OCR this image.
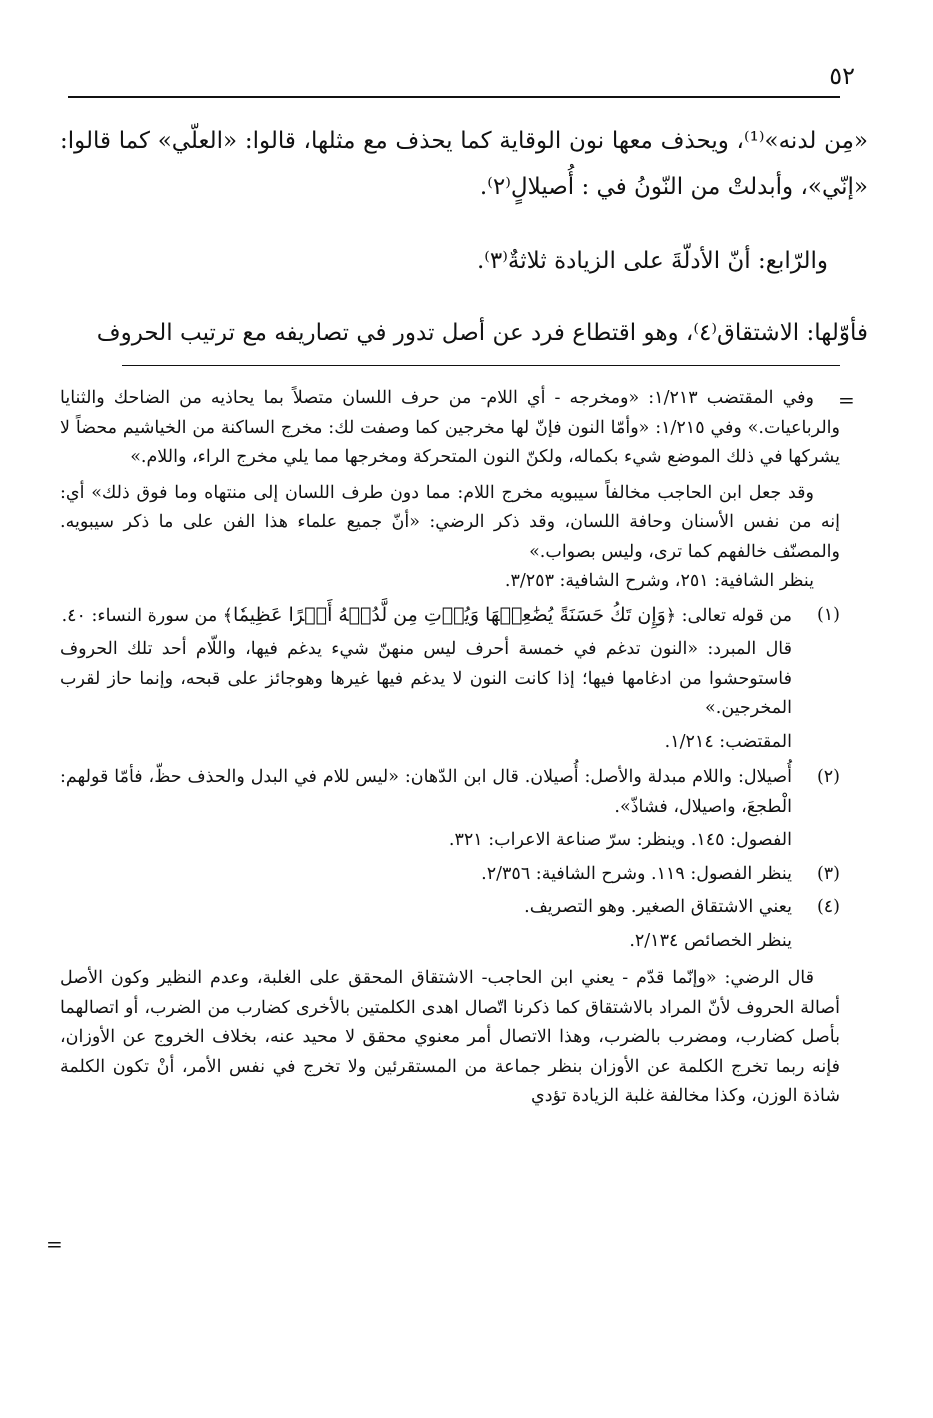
٥٢

«مِن لدنه»⁽¹⁾، ويحذف معها نون الوقاية كما يحذف مع مثلها، قالوا: «العلّي» كما قالوا: «إنّي»، وأبدلتْ من النّونُ في : أُصيلالٍ⁽٢⁾.

والرّابع: أنّ الأدلّةَ على الزيادة ثلاثةٌ⁽٣⁾.

فأوّلها: الاشتقاق⁽٤⁾، وهو اقتطاع فرد عن أصل تدور في تصاريفه مع ترتيب الحروف

=

وفي المقتضب ١/٢١٣: «ومخرجه - أي اللام- من حرف اللسان متصلاً بما يحاذيه من الضاحك والثنايا والرباعيات.» وفي ١/٢١٥: «وأمّا النون فإنّ لها مخرجين كما وصفت لك: مخرج الساكنة من الخياشيم محضاً لا يشركها في ذلك الموضع شيء بكماله، ولكنّ النون المتحركة ومخرجها مما يلي مخرج الراء، واللام.»

وقد جعل ابن الحاجب مخالفاً سيبويه مخرج اللام: مما دون طرف اللسان إلى منتهاه وما فوق ذلك» أي: إنه من نفس الأسنان وحافة اللسان، وقد ذكر الرضي: «أنّ جميع علماء هذا الفن على ما ذكر سيبويه. والمصنّف خالفهم كما ترى، وليس بصواب.»

ينظر الشافية: ٢٥١، وشرح الشافية: ٣/٢٥٣.

(١)
من قوله تعالى: ﴿وَإِن تَكُ حَسَنَةً يُضَٰعِفۡهَا وَيُؤۡتِ مِن لَّدُنۡهُ أَجۡرًا عَظِيمٗا﴾ من سورة النساء: ٤٠.

قال المبرد: «النون تدغم في خمسة أحرف ليس منهنّ شيء يدغم فيها، واللّام أحد تلك الحروف فاستوحشوا من ادغامها فيها؛ إذا كانت النون لا يدغم فيها غيرها وهوجائز على قبحه، وإنما حاز لقرب المخرجين.»

المقتضب: ١/٢١٤.

(٢)
أُصيلال: واللام مبدلة والأصل: أُصيلان. قال ابن الدّهان: «ليس للام في البدل والحذف حظّ، فأمّا قولهم: الْطجعَ، واصيلال، فشاذّ».

الفصول: ١٤٥. وينظر: سرّ صناعة الاعراب: ٣٢١.

(٣)
ينظر الفصول: ١١٩. وشرح الشافية: ٢/٣٥٦.
(٤)
يعني الاشتقاق الصغير. وهو التصريف.

ينظر الخصائص ٢/١٣٤.

قال الرضي: «وإنّما قدّم - يعني ابن الحاجب- الاشتقاق المحقق على الغلبة، وعدم النظير وكون الأصل أصالة الحروف لأنّ المراد بالاشتقاق كما ذكرنا اتّصال اهدى الكلمتين بالأخرى كضارب من الضرب، أو اتصالهما بأصل كضارب، ومضرب بالضرب، وهذا الاتصال أمر معنوي محقق لا محيد عنه، بخلاف الخروج عن الأوزان، فإنه ربما تخرج الكلمة عن الأوزان بنظر جماعة من المستقرئين ولا تخرج في نفس الأمر، أنْ تكون الكلمة شاذة الوزن، وكذا مخالفة غلبة الزيادة تؤدي

=
